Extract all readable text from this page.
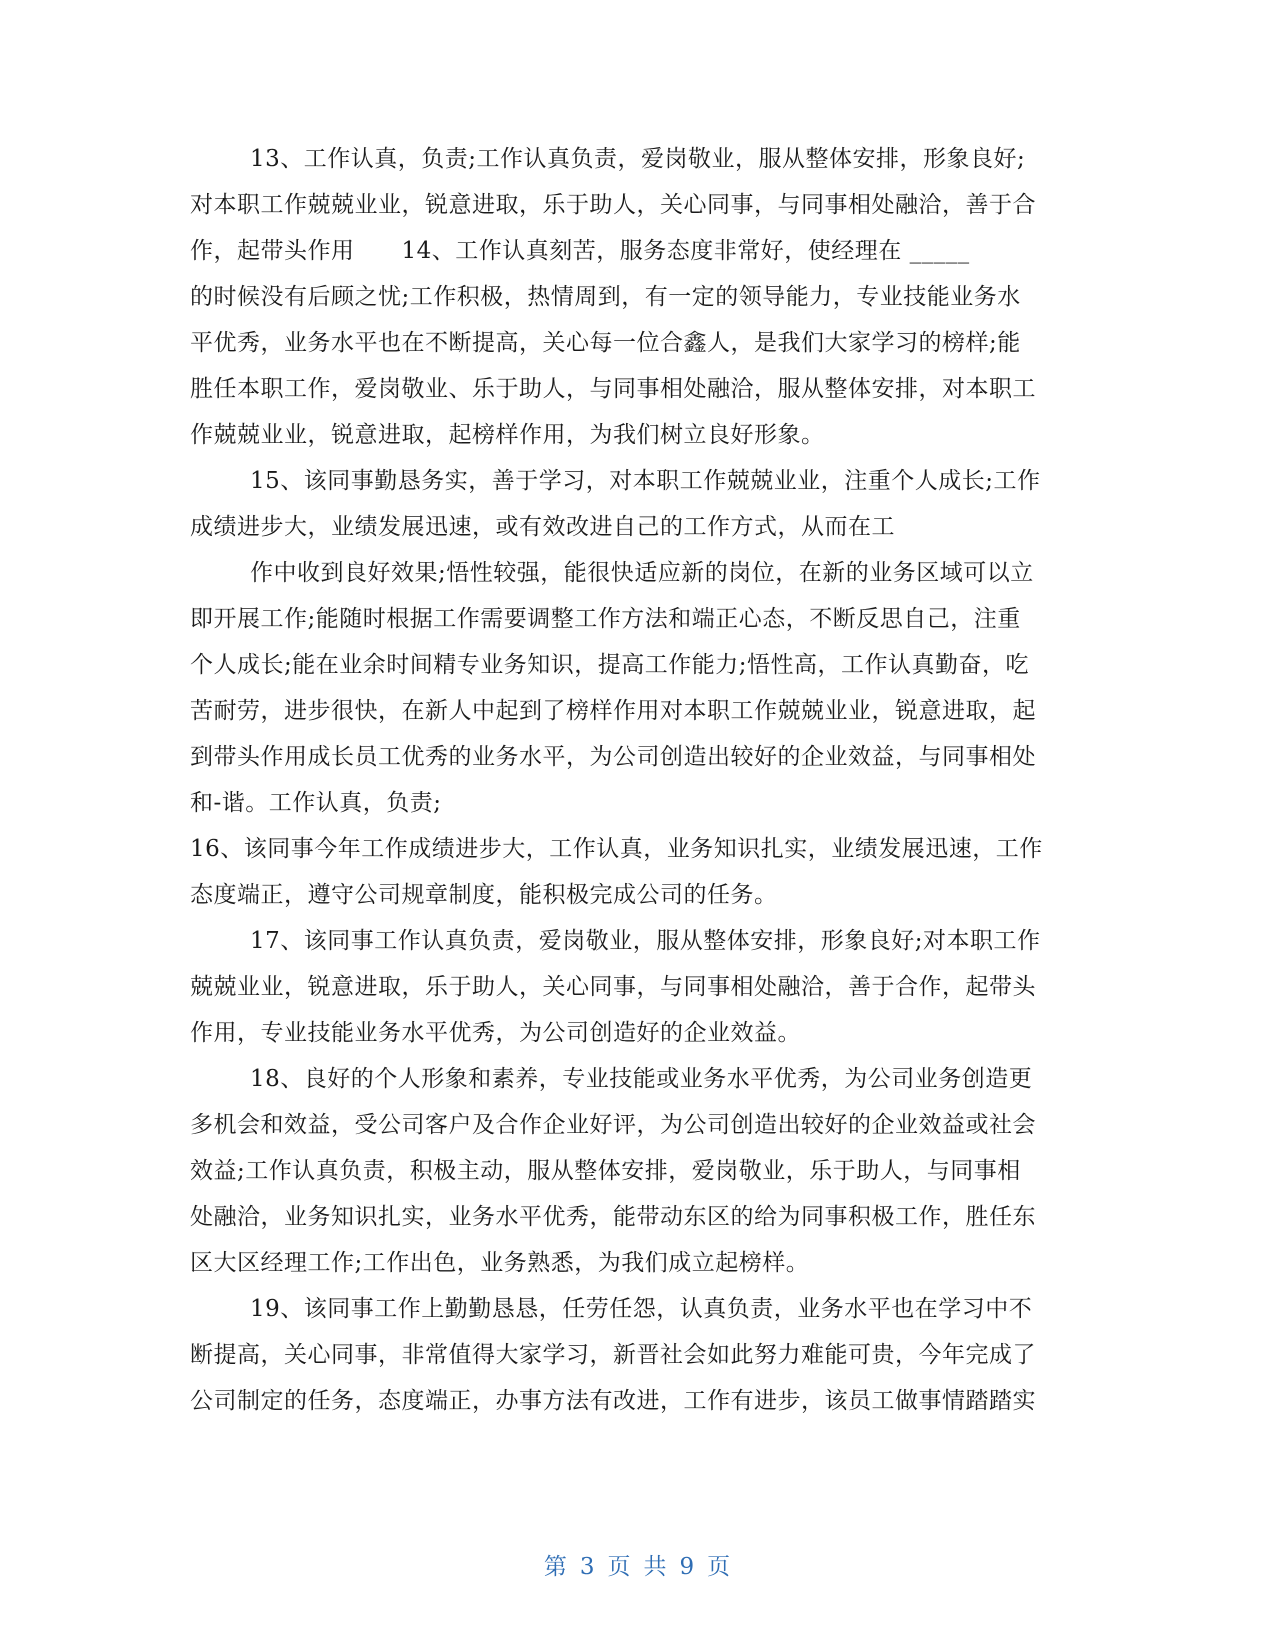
13、工作认真，负责;工作认真负责，爱岗敬业，服从整体安排，形象良好;
对本职工作兢兢业业，锐意进取，乐于助人，关心同事，与同事相处融洽，善于合
作，起带头作用　　14、工作认真刻苦，服务态度非常好，使经理在 _____
的时候没有后顾之忧;工作积极，热情周到，有一定的领导能力，专业技能业务水
平优秀，业务水平也在不断提高，关心每一位合鑫人，是我们大家学习的榜样;能
胜任本职工作，爱岗敬业、乐于助人，与同事相处融洽，服从整体安排，对本职工
作兢兢业业，锐意进取，起榜样作用，为我们树立良好形象。
15、该同事勤恳务实，善于学习，对本职工作兢兢业业，注重个人成长;工作
成绩进步大，业绩发展迅速，或有效改进自己的工作方式，从而在工
作中收到良好效果;悟性较强，能很快适应新的岗位，在新的业务区域可以立
即开展工作;能随时根据工作需要调整工作方法和端正心态，不断反思自己，注重
个人成长;能在业余时间精专业务知识，提高工作能力;悟性高，工作认真勤奋，吃
苦耐劳，进步很快，在新人中起到了榜样作用对本职工作兢兢业业，锐意进取，起
到带头作用成长员工优秀的业务水平，为公司创造出较好的企业效益，与同事相处
和-谐。工作认真，负责;
16、该同事今年工作成绩进步大，工作认真，业务知识扎实，业绩发展迅速，工作
态度端正，遵守公司规章制度，能积极完成公司的任务。
17、该同事工作认真负责，爱岗敬业，服从整体安排，形象良好;对本职工作
兢兢业业，锐意进取，乐于助人，关心同事，与同事相处融洽，善于合作，起带头
作用，专业技能业务水平优秀，为公司创造好的企业效益。
18、良好的个人形象和素养，专业技能或业务水平优秀，为公司业务创造更
多机会和效益，受公司客户及合作企业好评，为公司创造出较好的企业效益或社会
效益;工作认真负责，积极主动，服从整体安排，爱岗敬业，乐于助人，与同事相
处融洽，业务知识扎实，业务水平优秀，能带动东区的给为同事积极工作，胜任东
区大区经理工作;工作出色，业务熟悉，为我们成立起榜样。
19、该同事工作上勤勤恳恳，任劳任怨，认真负责，业务水平也在学习中不
断提高，关心同事，非常值得大家学习，新晋社会如此努力难能可贵，今年完成了
公司制定的任务，态度端正，办事方法有改进，工作有进步，该员工做事情踏踏实
第 3 页 共 9 页
